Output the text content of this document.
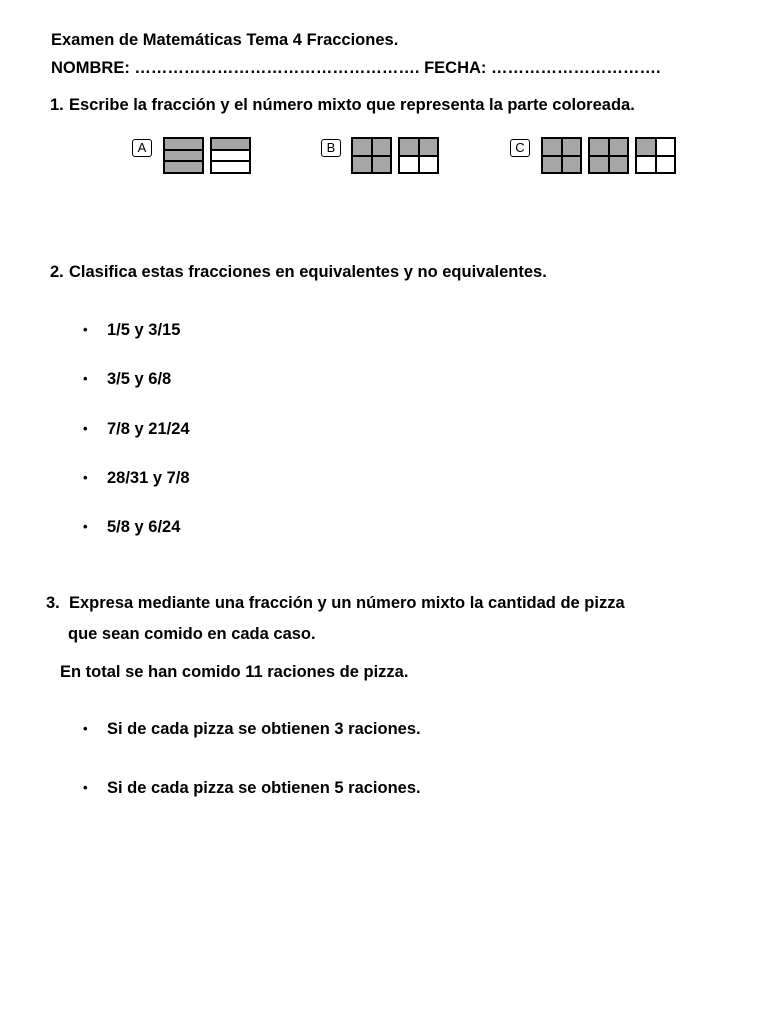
Examen de Matemáticas Tema 4 Fracciones.
NOMBRE: ……………………………………………. FECHA: ………………………….
1. Escribe la fracción y el número mixto que representa la parte coloreada.
A	B	C
2. Clasifica estas fracciones en equivalentes y no equivalentes.
• 1/5 y 3/15
• 3/5 y 6/8
• 7/8 y 21/24
• 28/31 y 7/8
• 5/8 y 6/24
3. Expresa mediante una fracción y un número mixto la cantidad de pizza
que sean comido en cada caso.
En total se han comido 11 raciones de pizza.
• Si de cada pizza se obtienen 3 raciones.
• Si de cada pizza se obtienen 5 raciones.
